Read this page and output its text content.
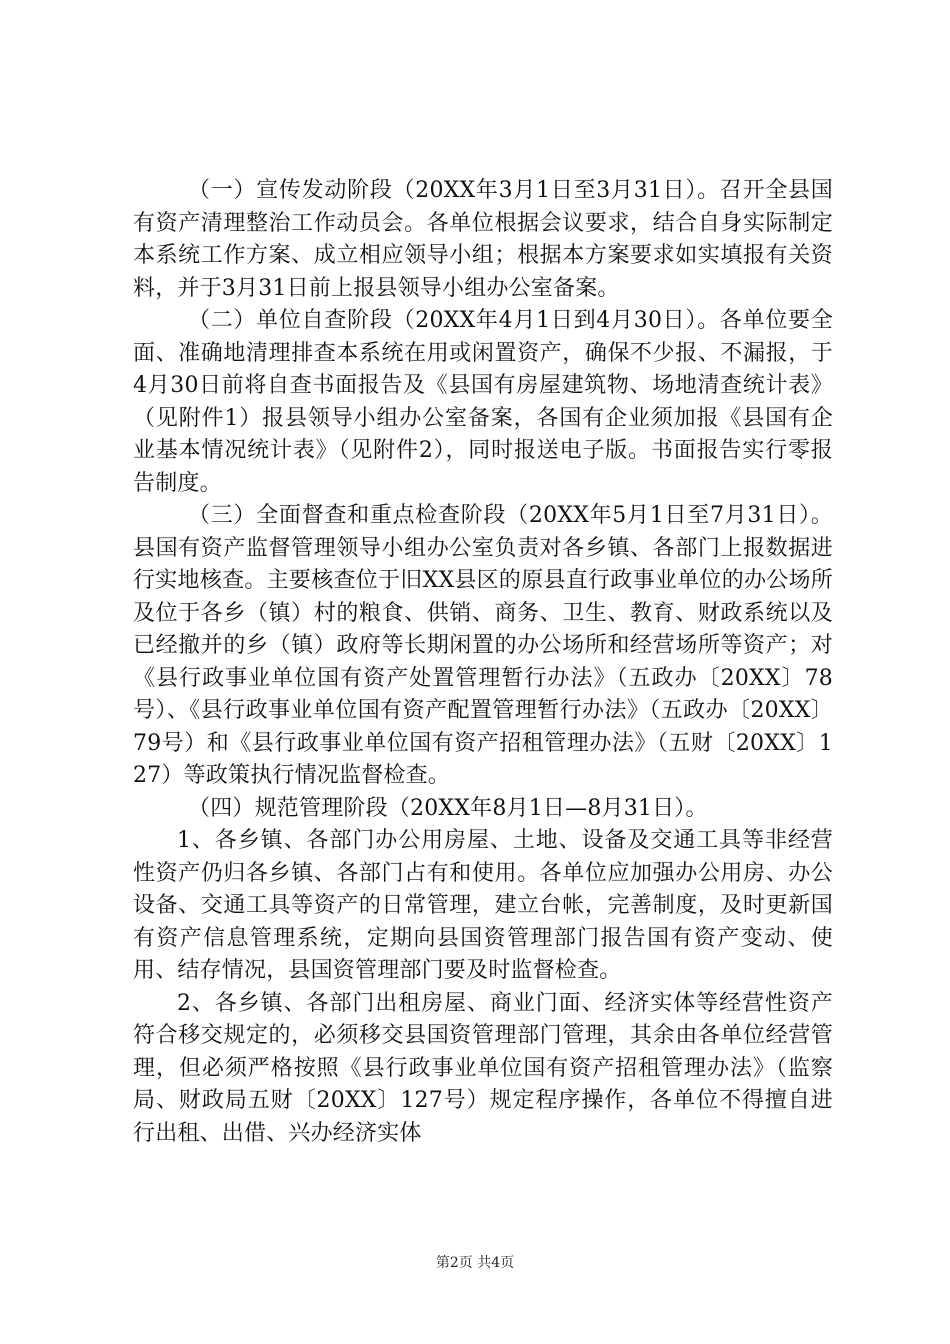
（一）宣传发动阶段（20XX年3月1日至3月31日）。召开全县国有资产清理整治工作动员会。各单位根据会议要求，结合自身实际制定本系统工作方案、成立相应领导小组；根据本方案要求如实填报有关资料，并于3月31日前上报县领导小组办公室备案。

（二）单位自查阶段（20XX年4月1日到4月30日）。各单位要全面、准确地清理排查本系统在用或闲置资产，确保不少报、不漏报，于4月30日前将自查书面报告及《县国有房屋建筑物、场地清查统计表》（见附件1）报县领导小组办公室备案，各国有企业须加报《县国有企业基本情况统计表》（见附件2），同时报送电子版。书面报告实行零报告制度。

（三）全面督查和重点检查阶段（20XX年5月1日至7月31日）。县国有资产监督管理领导小组办公室负责对各乡镇、各部门上报数据进行实地核查。主要核查位于旧XX县区的原县直行政事业单位的办公场所及位于各乡（镇）村的粮食、供销、商务、卫生、教育、财政系统以及已经撤并的乡（镇）政府等长期闲置的办公场所和经营场所等资产；对《县行政事业单位国有资产处置管理暂行办法》（五政办〔20XX〕78号）、《县行政事业单位国有资产配置管理暂行办法》（五政办〔20XX〕79号）和《县行政事业单位国有资产招租管理办法》（五财〔20XX〕127）等政策执行情况监督检查。

（四）规范管理阶段（20XX年8月1日—8月31日）。

1、各乡镇、各部门办公用房屋、土地、设备及交通工具等非经营性资产仍归各乡镇、各部门占有和使用。各单位应加强办公用房、办公设备、交通工具等资产的日常管理，建立台帐，完善制度，及时更新国有资产信息管理系统，定期向县国资管理部门报告国有资产变动、使用、结存情况，县国资管理部门要及时监督检查。

2、各乡镇、各部门出租房屋、商业门面、经济实体等经营性资产符合移交规定的，必须移交县国资管理部门管理，其余由各单位经营管理，但必须严格按照《县行政事业单位国有资产招租管理办法》（监察局、财政局五财〔20XX〕127号）规定程序操作，各单位不得擅自进行出租、出借、兴办经济实体

第2页 共4页
